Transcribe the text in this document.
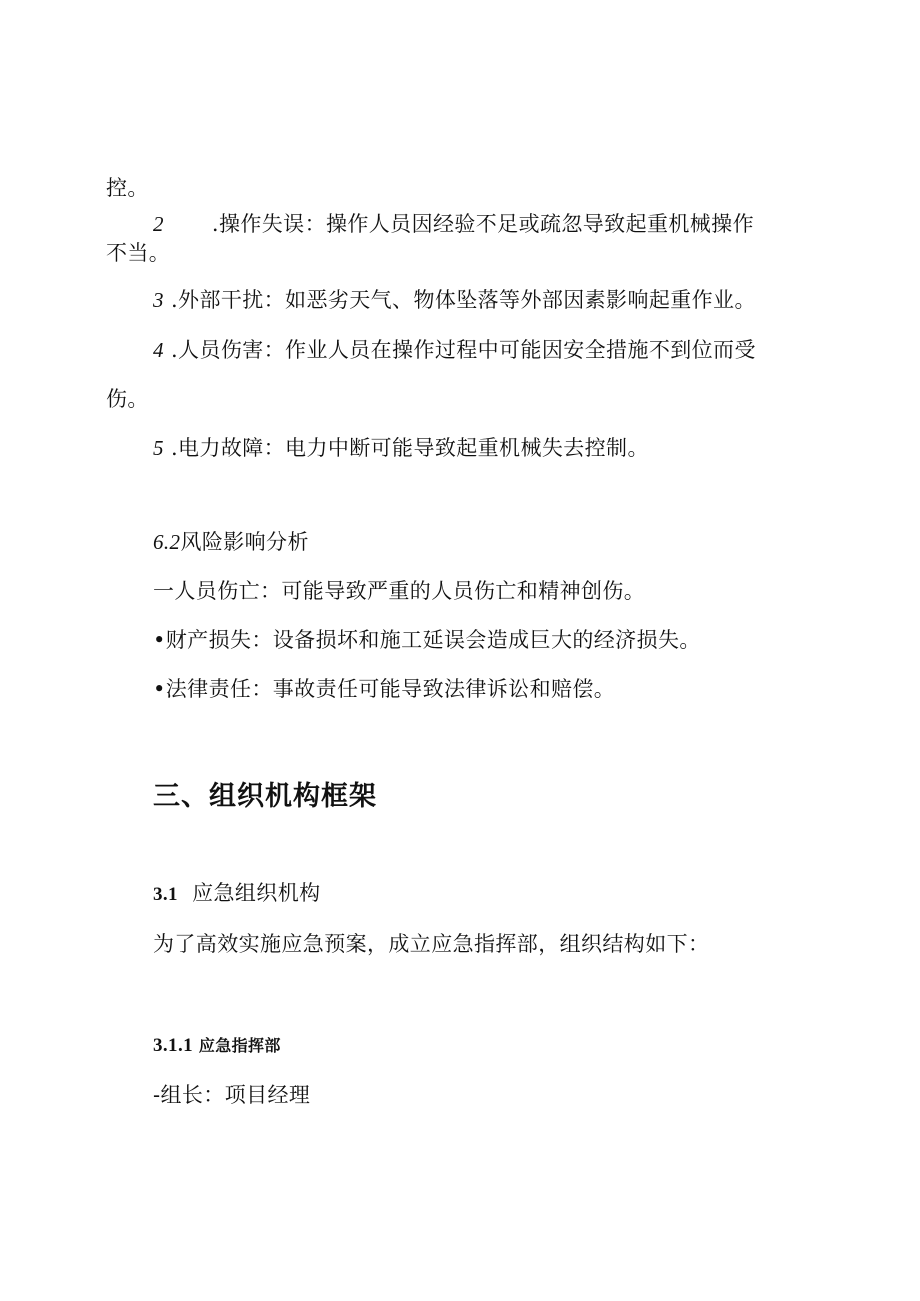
控。
2 .操作失误：操作人员因经验不足或疏忽导致起重机械操作
不当。
3 .外部干扰：如恶劣天气、物体坠落等外部因素影响起重作业。
4 .人员伤害：作业人员在操作过程中可能因安全措施不到位而受
伤。
5 .电力故障：电力中断可能导致起重机械失去控制。
6.2风险影响分析
一人员伤亡：可能导致严重的人员伤亡和精神创伤。
•财产损失：设备损坏和施工延误会造成巨大的经济损失。
•法律责任：事故责任可能导致法律诉讼和赔偿。
三、组织机构框架
3.1 应急组织机构
为了高效实施应急预案，成立应急指挥部，组织结构如下：
3.1.1 应急指挥部
-组长：项目经理
